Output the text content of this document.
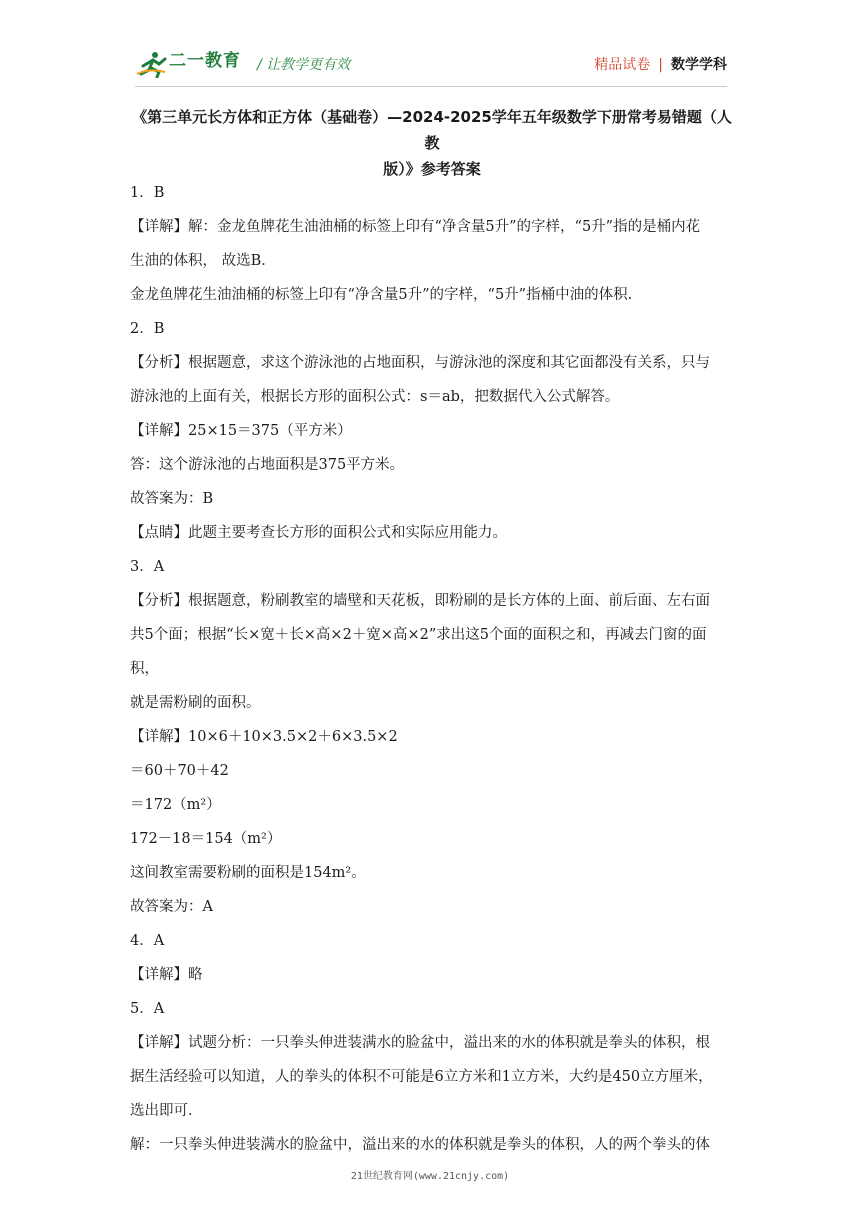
二一教育 / 让教学更有效	精品试卷 | 数学学科
《第三单元长方体和正方体（基础卷）—2024-2025学年五年级数学下册常考易错题（人教
版）》参考答案

1．B

【详解】解：金龙鱼牌花生油油桶的标签上印有“净含量5升”的字样，“5升”指的是桶内花

生油的体积， 故选B．

金龙鱼牌花生油油桶的标签上印有“净含量5升”的字样，“5升”指桶中油的体积．

2．B

【分析】根据题意，求这个游泳池的占地面积，与游泳池的深度和其它面都没有关系，只与

游泳池的上面有关，根据长方形的面积公式：s＝ab，把数据代入公式解答。

【详解】25×15＝375（平方米）

答：这个游泳池的占地面积是375平方米。

故答案为：B

【点睛】此题主要考查长方形的面积公式和实际应用能力。

3．A

【分析】根据题意，粉刷教室的墙壁和天花板，即粉刷的是长方体的上面、前后面、左右面

共5个面；根据“长×宽＋长×高×2＋宽×高×2”求出这5个面的面积之和，再减去门窗的面积，

就是需粉刷的面积。

【详解】10×6＋10×3.5×2＋6×3.5×2

＝60＋70＋42

＝172（m²）

172－18＝154（m²）

这间教室需要粉刷的面积是154m²。

故答案为：A

4．A

【详解】略

5．A

【详解】试题分析：一只拳头伸进装满水的脸盆中，溢出来的水的体积就是拳头的体积，根

据生活经验可以知道，人的拳头的体积不可能是6立方米和1立方米，大约是450立方厘米，

选出即可．

解：一只拳头伸进装满水的脸盆中，溢出来的水的体积就是拳头的体积，人的两个拳头的体

21世纪教育网(www.21cnjy.com)
